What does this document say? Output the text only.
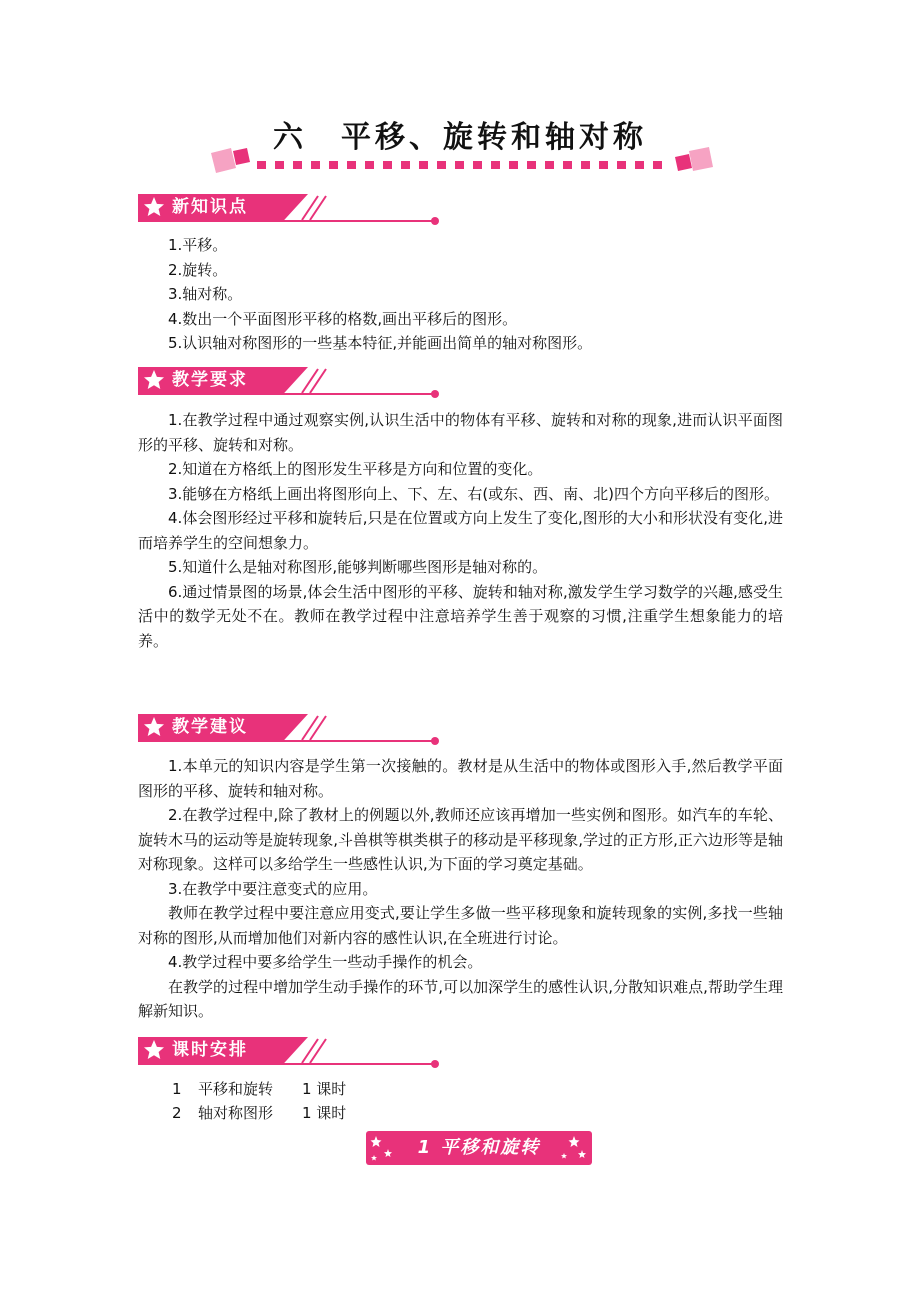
六　平移、旋转和轴对称
新知识点

1.平移。

2.旋转。

3.轴对称。

4.数出一个平面图形平移的格数,画出平移后的图形。

5.认识轴对称图形的一些基本特征,并能画出简单的轴对称图形。

教学要求

1.在教学过程中通过观察实例,认识生活中的物体有平移、旋转和对称的现象,进而认识平面图形的平移、旋转和对称。

2.知道在方格纸上的图形发生平移是方向和位置的变化。

3.能够在方格纸上画出将图形向上、下、左、右(或东、西、南、北)四个方向平移后的图形。

4.体会图形经过平移和旋转后,只是在位置或方向上发生了变化,图形的大小和形状没有变化,进而培养学生的空间想象力。

5.知道什么是轴对称图形,能够判断哪些图形是轴对称的。

6.通过情景图的场景,体会生活中图形的平移、旋转和轴对称,激发学生学习数学的兴趣,感受生活中的数学无处不在。教师在教学过程中注意培养学生善于观察的习惯,注重学生想象能力的培养。

教学建议

1.本单元的知识内容是学生第一次接触的。教材是从生活中的物体或图形入手,然后教学平面图形的平移、旋转和轴对称。

2.在教学过程中,除了教材上的例题以外,教师还应该再增加一些实例和图形。如汽车的车轮、旋转木马的运动等是旋转现象,斗兽棋等棋类棋子的移动是平移现象,学过的正方形,正六边形等是轴对称现象。这样可以多给学生一些感性认识,为下面的学习奠定基础。

3.在教学中要注意变式的应用。

教师在教学过程中要注意应用变式,要让学生多做一些平移现象和旋转现象的实例,多找一些轴对称的图形,从而增加他们对新内容的感性认识,在全班进行讨论。

4.教学过程中要多给学生一些动手操作的机会。

在教学的过程中增加学生动手操作的环节,可以加深学生的感性认识,分散知识难点,帮助学生理解新知识。

课时安排
1 平移和旋转 1 课时
2 轴对称图形 1 课时
1 平移和旋转
